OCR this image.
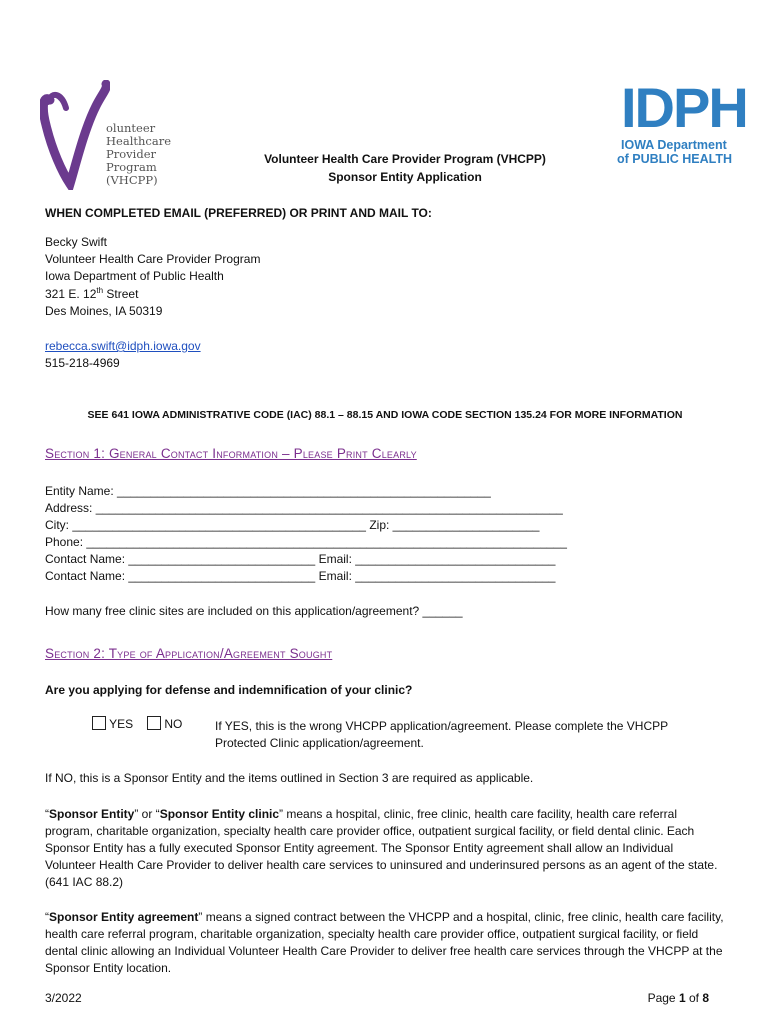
olunteer
Healthcare
Provider Program
(VHCPP)
IDPH
IOWA Department
of PUBLIC HEALTH
Volunteer Health Care Provider Program (VHCPP)
Sponsor Entity Application
WHEN COMPLETED EMAIL (PREFERRED) OR PRINT AND MAIL TO:
Becky Swift
Volunteer Health Care Provider Program
Iowa Department of Public Health
321 E. 12th Street
Des Moines, IA 50319
rebecca.swift@idph.iowa.gov
515-218-4969
SEE 641 IOWA ADMINISTRATIVE CODE (IAC) 88.1 – 88.15 AND IOWA CODE SECTION 135.24 FOR MORE INFORMATION
Section 1: General Contact Information – Please Print Clearly
Entity Name: ________________________________________________________
Address: ______________________________________________________________________
City: ____________________________________________ Zip: ______________________
Phone: ________________________________________________________________________
Contact Name: ____________________________ Email: ______________________________
Contact Name: ____________________________ Email: ______________________________
How many free clinic sites are included on this application/agreement? ______
Section 2: Type of Application/Agreement Sought
Are you applying for defense and indemnification of your clinic?
YES	NO	If YES, this is the wrong VHCPP application/agreement. Please complete the VHCPP
Protected Clinic application/agreement.
If NO, this is a Sponsor Entity and the items outlined in Section 3 are required as applicable.
“Sponsor Entity” or “Sponsor Entity clinic” means a hospital, clinic, free clinic, health care facility, health care referral program, charitable organization, specialty health care provider office, outpatient surgical facility, or field dental clinic. Each Sponsor Entity has a fully executed Sponsor Entity agreement. The Sponsor Entity agreement shall allow an Individual Volunteer Health Care Provider to deliver health care services to uninsured and underinsured persons as an agent of the state. (641 IAC 88.2)
“Sponsor Entity agreement” means a signed contract between the VHCPP and a hospital, clinic, free clinic, health care facility, health care referral program, charitable organization, specialty health care provider office, outpatient surgical facility, or field dental clinic allowing an Individual Volunteer Health Care Provider to deliver free health care services through the VHCPP at the Sponsor Entity location.
3/2022	Page 1 of 8
